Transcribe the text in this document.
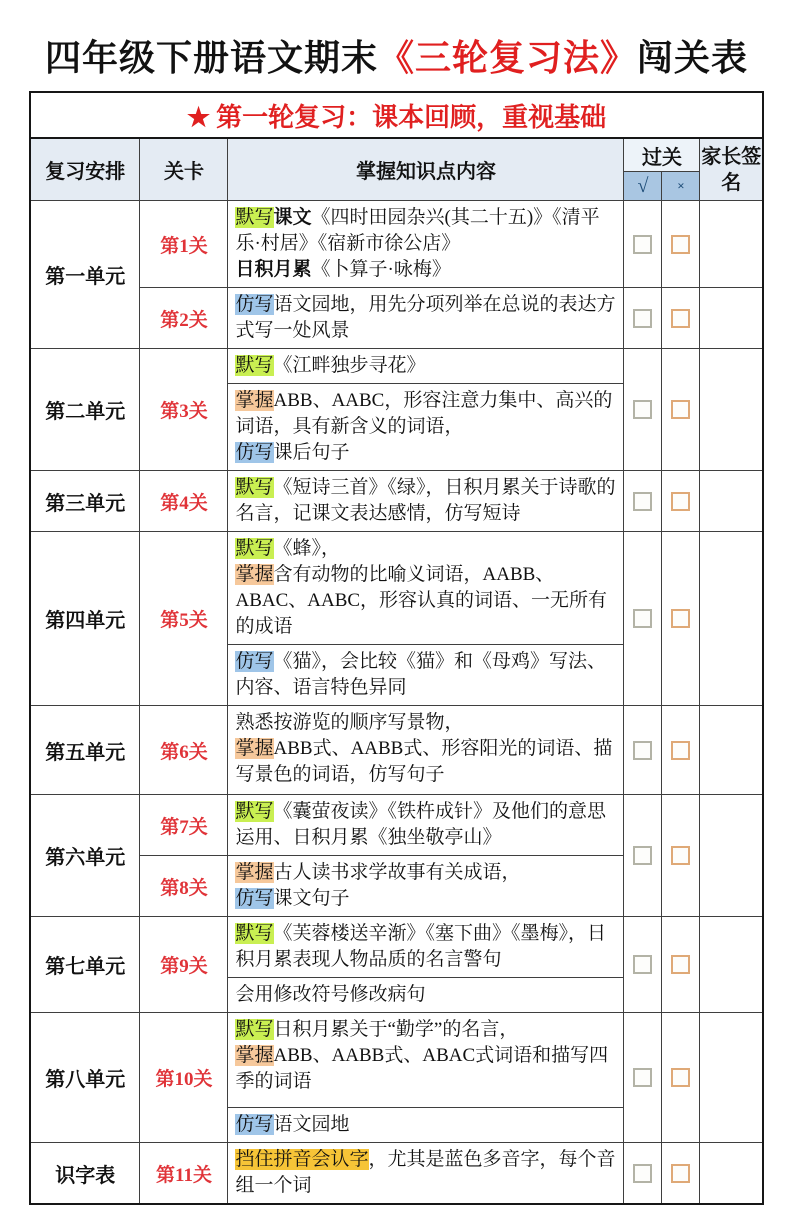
四年级下册语文期末《三轮复习法》闯关表
★ 第一轮复习：课本回顾，重视基础					
复习安排	关卡	掌握知识点内容	过关		家长签名
			√	×	
第一单元	第1关	默写课文《四时田园杂兴(其二十五)》《清平乐·村居》《宿新市徐公店》
日积月累《卜算子·咏梅》			

	第2关	仿写语文园地，用先分项列举在总说的表达方式写一处风景			

第二单元	第3关	默写《江畔独步寻花》
掌握ABB、AABC，形容注意力集中、高兴的词语，具有新含义的词语，
仿写课后句子			

第三单元	第4关	默写《短诗三首》《绿》，日积月累关于诗歌的名言，记课文表达感情，仿写短诗			

第四单元	第5关	默写《蜂》，
掌握含有动物的比喻义词语，AABB、ABAC、AABC，形容认真的词语、一无所有的成语
仿写《猫》，会比较《猫》和《母鸡》写法、内容、语言特色异同			

第五单元	第6关	熟悉按游览的顺序写景物，
掌握ABB式、AABB式、形容阳光的词语、描写景色的词语，仿写句子			

第六单元	第7关	默写《囊萤夜读》《铁杵成针》及他们的意思运用、日积月累《独坐敬亭山》			

	第8关	掌握古人读书求学故事有关成语，
仿写课文句子			

第七单元	第9关	默写《芙蓉楼送辛渐》《塞下曲》《墨梅》，日积月累表现人物品质的名言警句
会用修改符号修改病句			

第八单元	第10关	默写日积月累关于“勤学”的名言，
掌握ABB、AABB式、ABAC式词语和描写四季的词语
仿写语文园地			

识字表	第11关	挡住拼音会认字，尤其是蓝色多音字，每个音组一个词			
